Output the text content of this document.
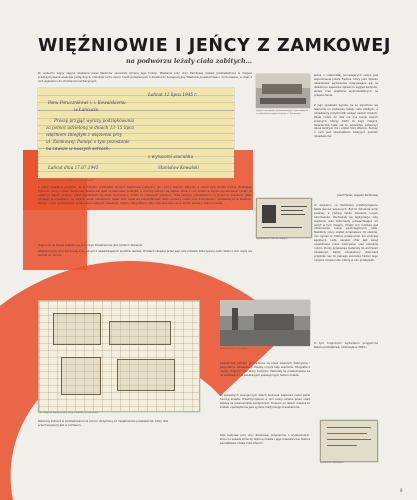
WIĘŹNIOWIE I JEŃCY Z ZAMKOWEJ
na podwórzu leżały ciała zabitych…
Po wybuchu wojny zajęcie więzienia przez Niemców oznaczało zmianę jego funkcji. Więzienie przy ulicy Zamkowej zostało przekształcone w miejsce przetrzymywania więźniów politycznych, członków ruchu oporu i osób podejrzanych o działalność konspiracyjną. Więźniów przesłuchiwano i torturowano, a część z nich wywożono do obozów koncentracyjnych.
Łańcut 12 lipca 1945 r.
Panu Porucznikowi i. i. Kowalskiemu
w Łańcucie
Proszę przyjąć wyrazy podziękowania
za pomoc udzieloną w dniach 13–15 lipca
więźniom zbiegłym z więzienia przy
ul. Zamkowej. Pamięć o tym pozostanie
na zawsze w naszych sercach.
z wyrazami szacunku
Łańcut dnia 17.07.1945	Stanisław Kowalski
Podziękowanie za pomoc od więźnia, autor nieznany
Z relacji świadków wiadomo, że w budynku przebywali zarówno więźniowie polityczni, jak i jeńcy wojenni. Warunki w celach były bardzo trudne. Brakowało żywności, wody i opieki medycznej. Więźniowie spali na betonowej podłodze, a choroby szerzyły się szybko. Wielu z nich zmarło w wyniku wycieńczenia i pobić. W ostatnich dniach okupacji, przed wycofaniem się wojsk niemieckich, doszło do masowych egzekucji. Ciała zabitych pozostawiono na podwórzu więzienia, gdzie odnaleźli je mieszkańcy po wejściu wojsk radzieckich. Część ofiar udało się zidentyfikować dzięki pomocy rodzin oraz dokumentom odnalezionym w budynku. Pamięć o tych wydarzeniach przetrwała w relacjach świadków, listach i fotografiach, które dziś stanowią cenne źródło wiedzy o historii miasta.
Miejsce to na trwałe zapisało się w pamięci mieszkańców jako symbol cierpienia.
Więzienie przy ulicy Zamkowej było jednym z najważniejszych punktów represji. W latach okupacji przez jego cele przeszło kilka tysięcy osób. Wielu z nich nigdy nie wróciło do domów.
Plan budynku więzienia przy ulicy Zamkowej w Rzeszowie
Nieznany żołnierz w podziękowaniu za pomoc otrzymaną od mieszkańców przekazał list, który dziś przechowywany jest w archiwum.
Zdjęcie archiwalne przedstawiające ciała zabitych na dziedzińcu więzienia przy ul. Zamkowej
Legitymacja z okresu okupacji
Widok miasta z lotu ptaka
Świadectwa pamięci gromadzone są przez lokalnych historyków i pasjonatów. Odnaleziono między innymi listy więźniów, fotografie z okresu okupacji oraz plany budynku. Materiały te prezentowane są na wystawach i w publikacjach poświęconych historii miasta.
W pierwszych powojennych latach budynek więzienia nadal pełnił funkcję aresztu. Przetrzymywano w nim osoby uznane przez nową władzę za przeciwników politycznych. Dopiero po latach miejsce to zostało upamiętnione jako symbol martyrologii mieszkańców.
Dziś budynek przy ulicy Zamkowej przypomina o wydarzeniach, które na zawsze zmieniły historię miasta i jego mieszkańców. Tablica pamiątkowa oddaje hołd ofiarom.
Jedną z najbardziej poruszających relacji jest wspomnienie Józefa Fiedora, który jako dziecko obserwował wydarzenia rozgrywające się na dziedzińcu więzienia. Opisał on wygląd budynku, straże oraz więźniów wyprowadzanych na przesłuchania.
Z jego opowieści wynika, że po wycofaniu się Niemców na podwórzu leżały ciała zabitych, a mieszkańcy przychodzili szukać swoich bliskich. Wiele rodzin do dziś nie zna losów swoich krewnych, którzy trafili do tego miejsca. Świadectwa takie jak to pozwalają odtworzyć obraz tamtych dni i oddać hołd ofiarom. Pamięć o nich jest obowiązkiem kolejnych pokoleń mieszkańców.
Józef Fiedor, więzień Zamkowej
W więzieniu na Zamkowej przetrzymywano także jeńców wojennych. Byli to żołnierze armii polskiej, a później także żołnierze innych narodowości. Zachowały się legitymacje, listy więźniów oraz dokumenty potwierdzające ich pobyt w tym miejscu. Dzięki nim możliwe jest odtworzenie losów poszczególnych osób. Niektórzy jeńcy zostali przeniesieni do obozów, inni zginęli w trakcie przesłuchań lub podczas egzekucji. Lista nazwisk ofiar jest wciąż uzupełniana przez historyków oraz członków rodzin, którzy przekazują materiały do archiwum miejskiego. Każdy odnaleziony dokument przybliża nas do pełnego poznania historii tego miejsca i losów ludzi, którzy w nim przebywali.
O tym tragicznym wydarzeniu przypomina tablica pamiątkowa, odsłonięta w 2004 r.
Dokument z archiwum
8
